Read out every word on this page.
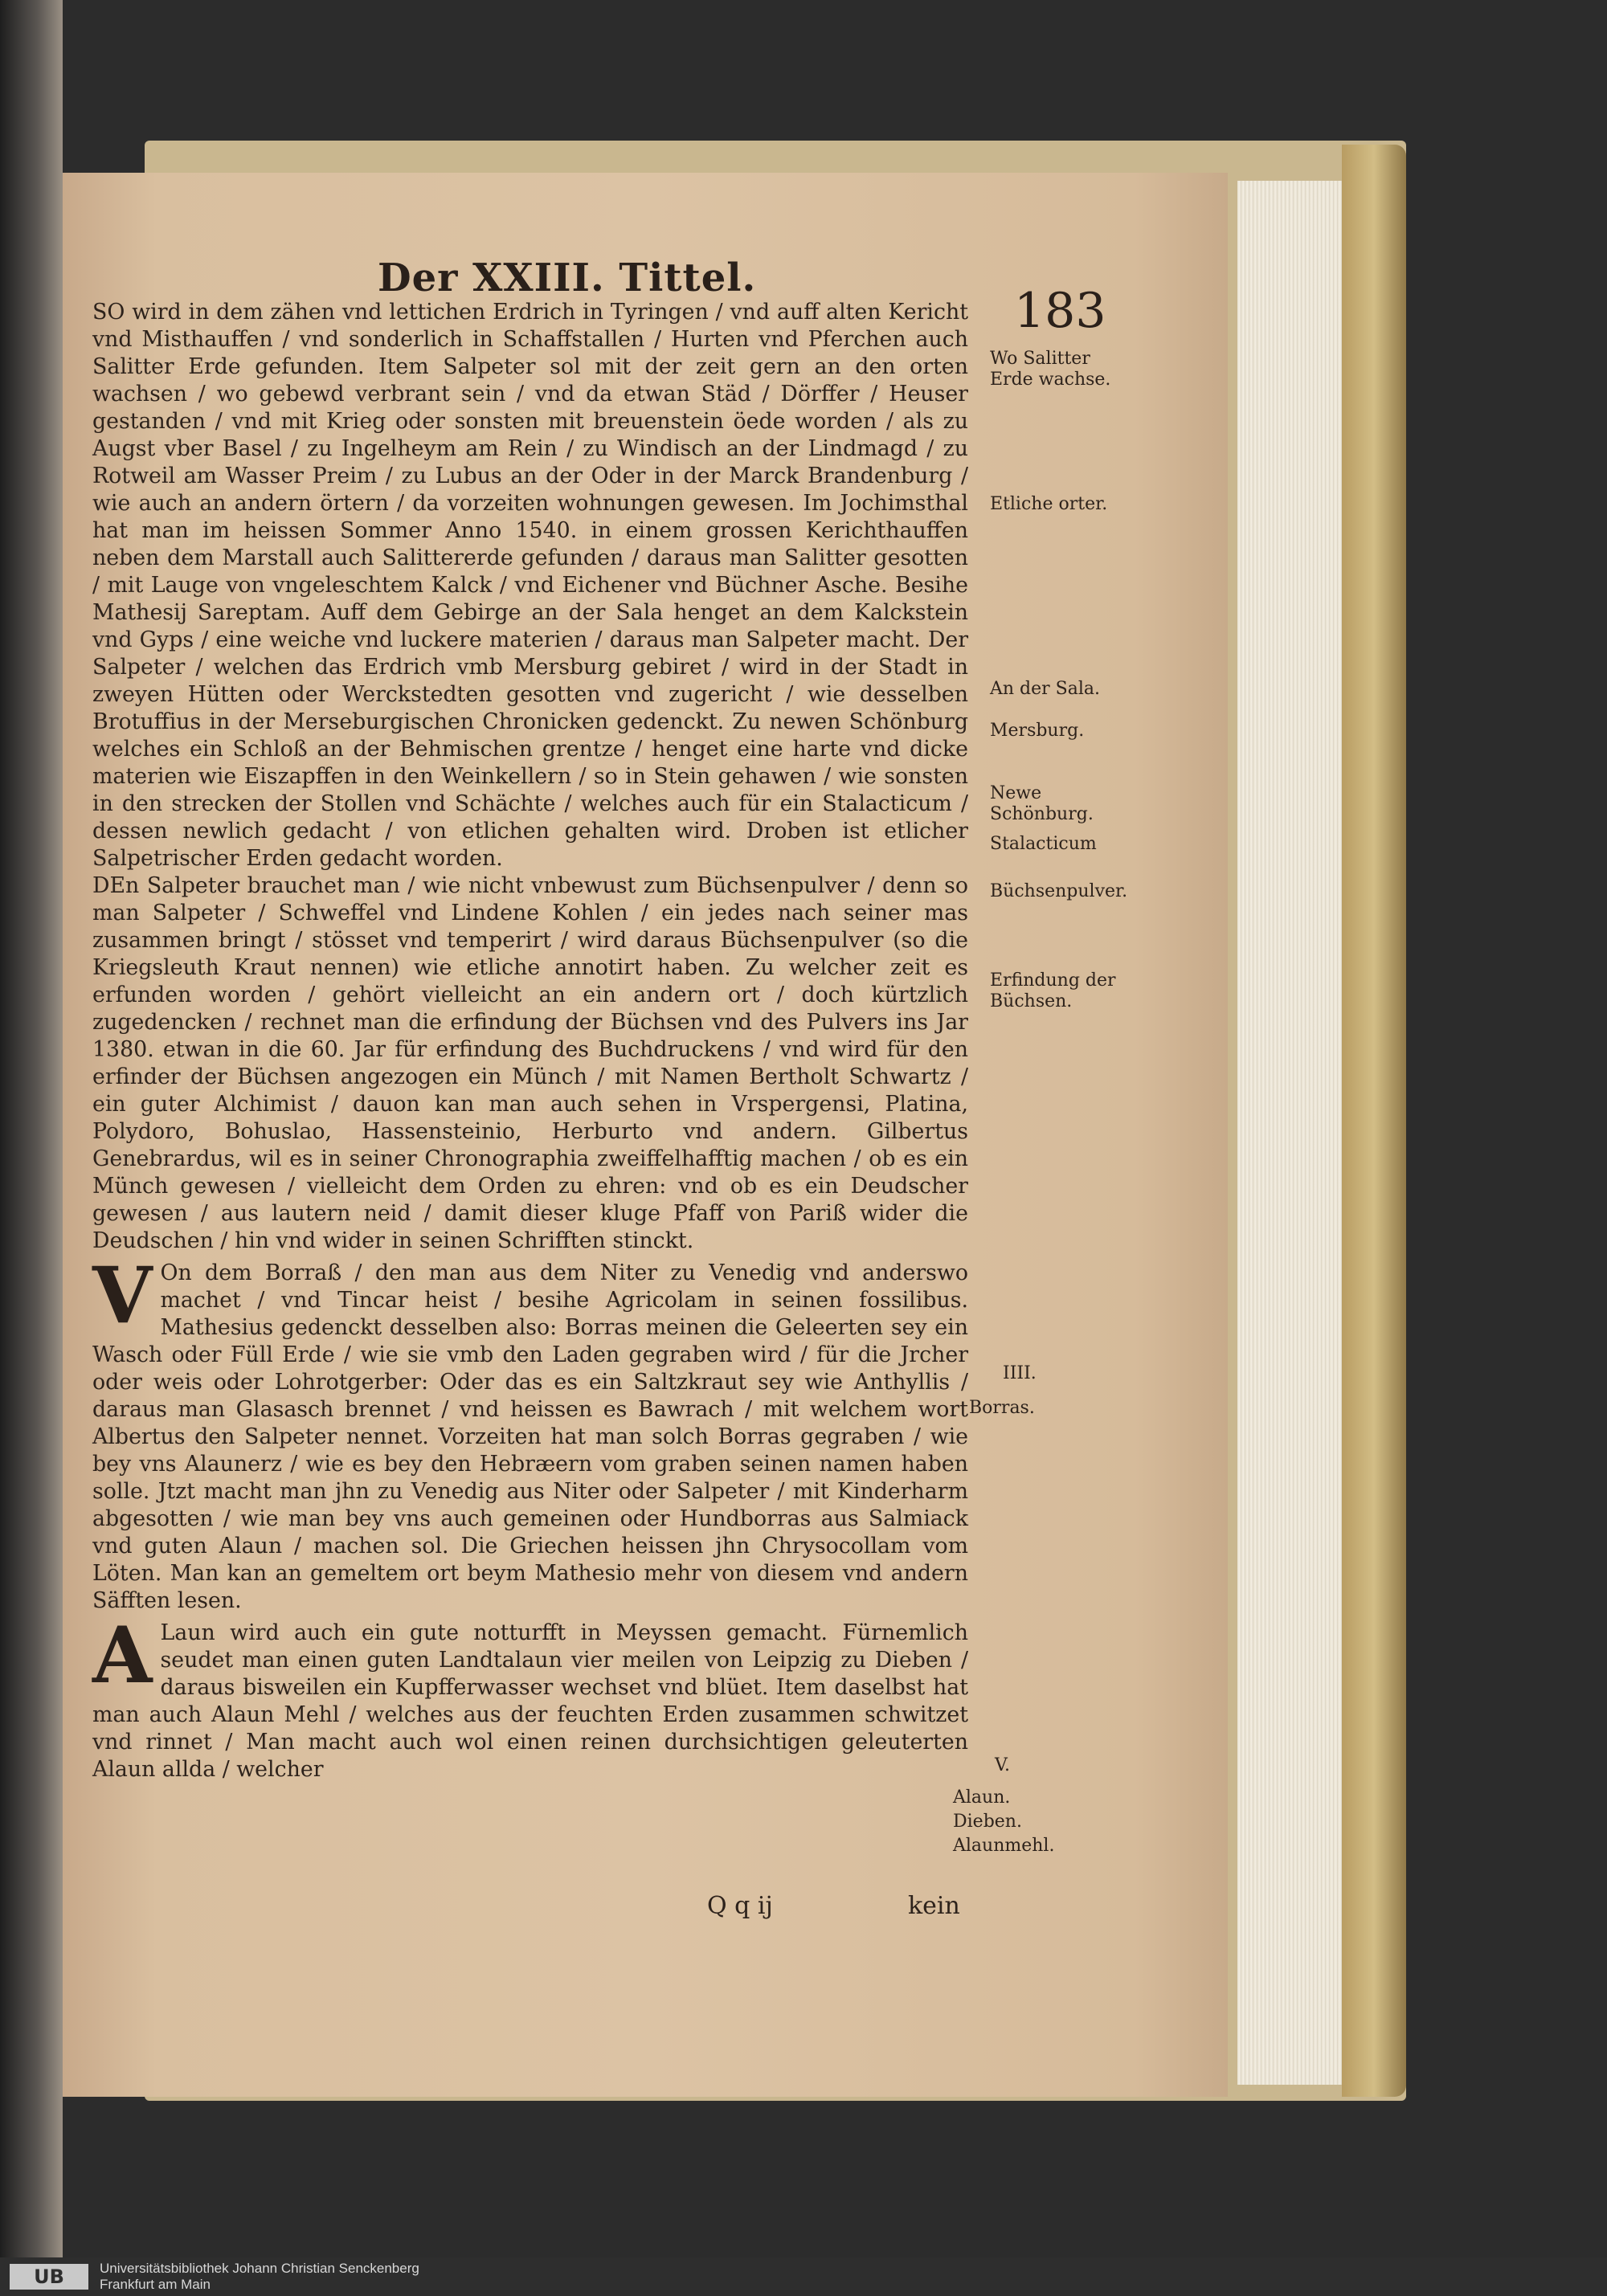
Der XXIII. Tittel.
183

SO wird in dem zähen vnd lettichen Erdrich in Tyringen / vnd auff alten Kericht vnd Misthauffen / vnd sonderlich in Schaffstallen / Hurten vnd Pferchen auch Salitter Erde gefunden. Item Salpeter sol mit der zeit gern an den orten wachsen / wo gebewd verbrant sein / vnd da etwan Städ / Dörffer / Heuser gestanden / vnd mit Krieg oder sonsten mit breuenstein öede worden / als zu Augst vber Basel / zu Ingelheym am Rein / zu Windisch an der Lindmagd / zu Rotweil am Wasser Preim / zu Lubus an der Oder in der Marck Brandenburg / wie auch an andern örtern / da vorzeiten wohnungen gewesen. Im Jochimsthal hat man im heissen Sommer Anno 1540. in einem grossen Kerichthauffen neben dem Marstall auch Salittererde gefunden / daraus man Salitter gesotten / mit Lauge von vngeleschtem Kalck / vnd Eichener vnd Büchner Asche. Besihe Mathesij Sareptam. Auff dem Gebirge an der Sala henget an dem Kalckstein vnd Gyps / eine weiche vnd luckere materien / daraus man Salpeter macht. Der Salpeter / welchen das Erdrich vmb Mersburg gebiret / wird in der Stadt in zweyen Hütten oder Werckstedten gesotten vnd zugericht / wie desselben Brotuffius in der Merseburgischen Chronicken gedenckt. Zu newen Schönburg welches ein Schloß an der Behmischen grentze / henget eine harte vnd dicke materien wie Eiszapffen in den Weinkellern / so in Stein gehawen / wie sonsten in den strecken der Stollen vnd Schächte / welches auch für ein Stalacticum / dessen newlich gedacht / von etlichen gehalten wird. Droben ist etlicher Salpetrischer Erden gedacht worden.

DEn Salpeter brauchet man / wie nicht vnbewust zum Büchsenpulver / denn so man Salpeter / Schweffel vnd Lindene Kohlen / ein jedes nach seiner mas zusammen bringt / stösset vnd temperirt / wird daraus Büchsenpulver (so die Kriegsleuth Kraut nennen) wie etliche annotirt haben. Zu welcher zeit es erfunden worden / gehört vielleicht an ein andern ort / doch kürtzlich zugedencken / rechnet man die erfindung der Büchsen vnd des Pulvers ins Jar 1380. etwan in die 60. Jar für erfindung des Buchdruckens / vnd wird für den erfinder der Büchsen angezogen ein Münch / mit Namen Bertholt Schwartz / ein guter Alchimist / dauon kan man auch sehen in Vrspergensi, Platina, Polydoro, Bohuslao, Hassensteinio, Herburto vnd andern. Gilbertus Genebrardus, wil es in seiner Chronographia zweiffelhafftig machen / ob es ein Münch gewesen / vielleicht dem Orden zu ehren: vnd ob es ein Deudscher gewesen / aus lautern neid / damit dieser kluge Pfaff von Pariß wider die Deudschen / hin vnd wider in seinen Schrifften stinckt.

V On dem Borraß / den man aus dem Niter zu Venedig vnd anderswo machet / vnd Tincar heist / besihe Agricolam in seinen fossilibus. Mathesius gedenckt desselben also: Borras meinen die Geleerten sey ein Wasch oder Füll Erde / wie sie vmb den Laden gegraben wird / für die Jrcher oder weis oder Lohrotgerber: Oder das es ein Saltzkraut sey wie Anthyllis / daraus man Glasasch brennet / vnd heissen es Bawrach / mit welchem wort Albertus den Salpeter nennet. Vorzeiten hat man solch Borras gegraben / wie bey vns Alaunerz / wie es bey den Hebræern vom graben seinen namen haben solle. Jtzt macht man jhn zu Venedig aus Niter oder Salpeter / mit Kinderharm abgesotten / wie man bey vns auch gemeinen oder Hundborras aus Salmiack vnd guten Alaun / machen sol. Die Griechen heissen jhn Chrysocollam vom Löten. Man kan an gemeltem ort beym Mathesio mehr von diesem vnd andern Säfften lesen.

A Laun wird auch ein gute notturfft in Meyssen gemacht. Fürnemlich seudet man einen guten Landtalaun vier meilen von Leipzig zu Dieben / daraus bisweilen ein Kupfferwasser wechset vnd blüet. Item daselbst hat man auch Alaun Mehl / welches aus der feuchten Erden zusammen schwitzet vnd rinnet / Man macht auch wol einen reinen durchsichtigen geleuterten Alaun allda / welcher

Wo Salitter Erde wachse.
Etliche orter.
An der Sala.
Mersburg.
Newe Schönburg.
Stalacticum
Büchsenpulver.
Erfindung der Büchsen.
IIII.
Borras.
V.
Alaun.
Dieben.
Alaunmehl.
Q q ij	kein
UB	Universitätsbibliothek Johann Christian Senckenberg
Frankfurt am Main
